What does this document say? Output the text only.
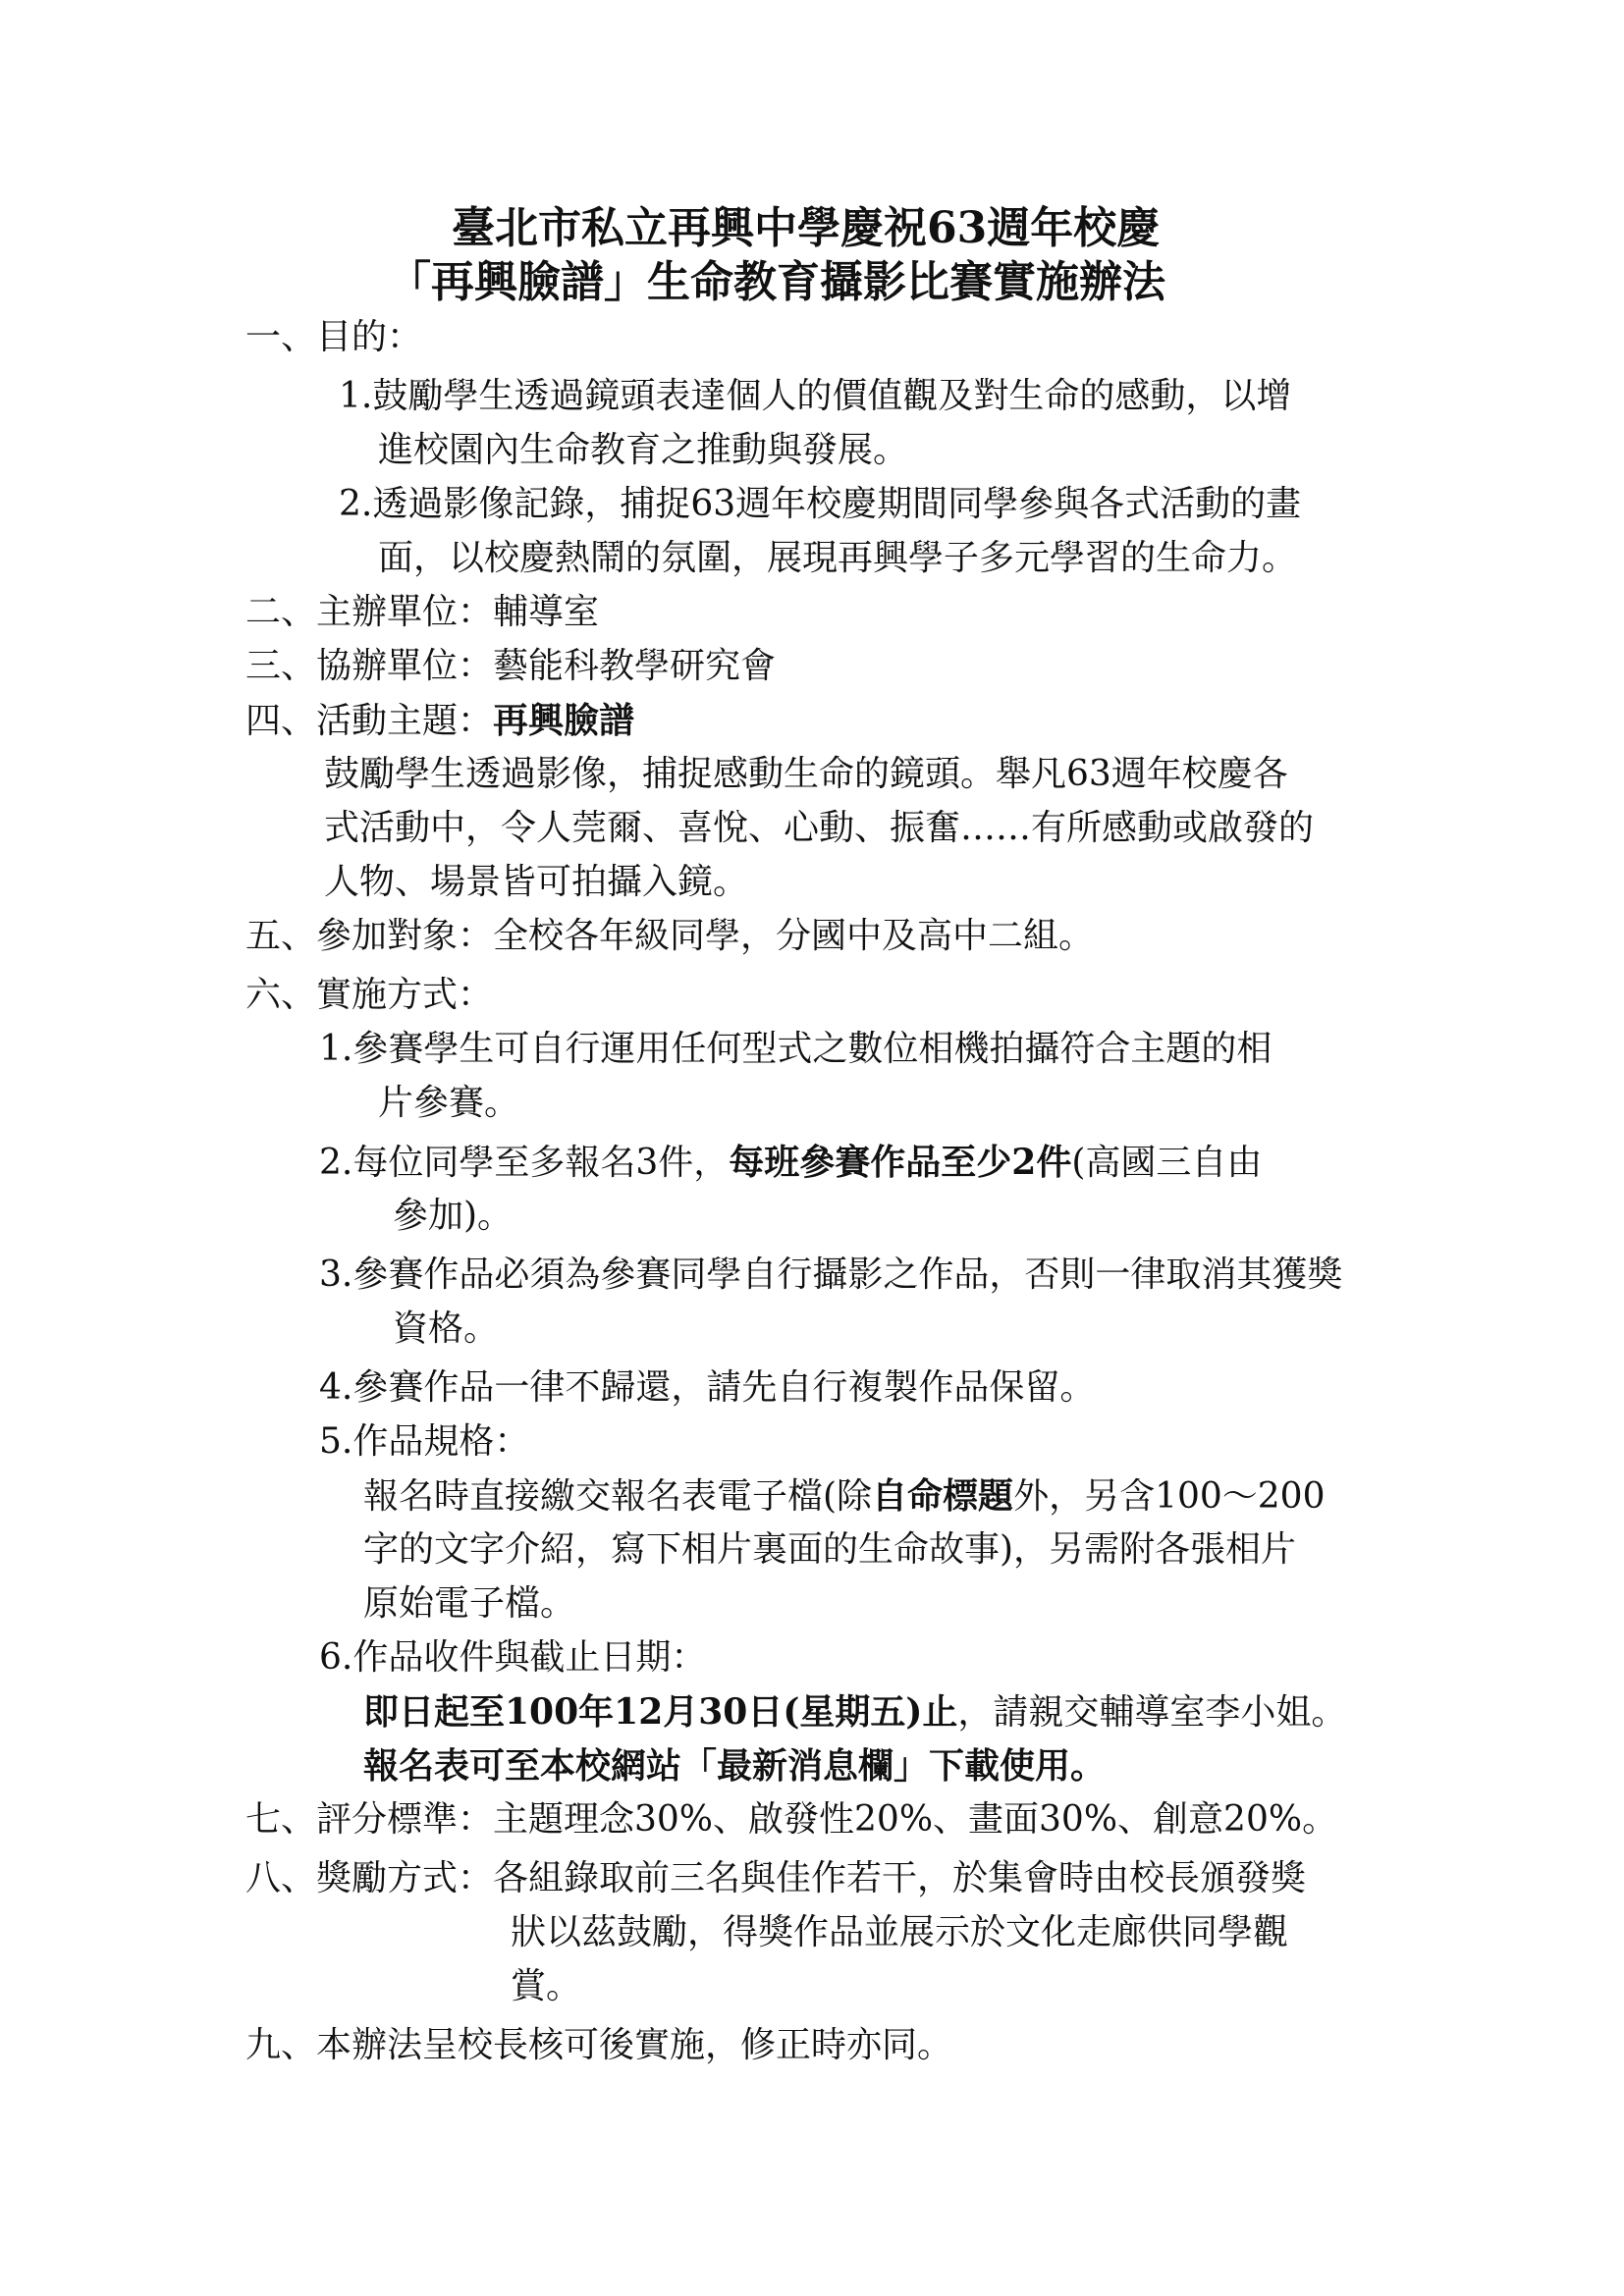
臺北市私立再興中學慶祝63週年校慶
「再興臉譜」生命教育攝影比賽實施辦法
一、目的：
1.鼓勵學生透過鏡頭表達個人的價值觀及對生命的感動，以增
進校園內生命教育之推動與發展。
2.透過影像記錄，捕捉63週年校慶期間同學參與各式活動的畫
面，以校慶熱鬧的氛圍，展現再興學子多元學習的生命力。
二、主辦單位：輔導室
三、協辦單位：藝能科教學研究會
四、活動主題：再興臉譜
鼓勵學生透過影像，捕捉感動生命的鏡頭。舉凡63週年校慶各
式活動中，令人莞爾、喜悅、心動、振奮……有所感動或啟發的
人物、場景皆可拍攝入鏡。
五、參加對象：全校各年級同學，分國中及高中二組。
六、實施方式：
1.參賽學生可自行運用任何型式之數位相機拍攝符合主題的相
片參賽。
2.每位同學至多報名3件，每班參賽作品至少2件(高國三自由
參加)。
3.參賽作品必須為參賽同學自行攝影之作品，否則一律取消其獲獎
資格。
4.參賽作品一律不歸還，請先自行複製作品保留。
5.作品規格：
報名時直接繳交報名表電子檔(除自命標題外，另含100～200
字的文字介紹，寫下相片裏面的生命故事)，另需附各張相片
原始電子檔。
6.作品收件與截止日期：
即日起至100年12月30日(星期五)止，請親交輔導室李小姐。
報名表可至本校網站「最新消息欄」下載使用。
七、評分標準：主題理念30%、啟發性20%、畫面30%、創意20%。
八、獎勵方式：各組錄取前三名與佳作若干，於集會時由校長頒發獎
狀以茲鼓勵，得獎作品並展示於文化走廊供同學觀
賞。
九、本辦法呈校長核可後實施，修正時亦同。
